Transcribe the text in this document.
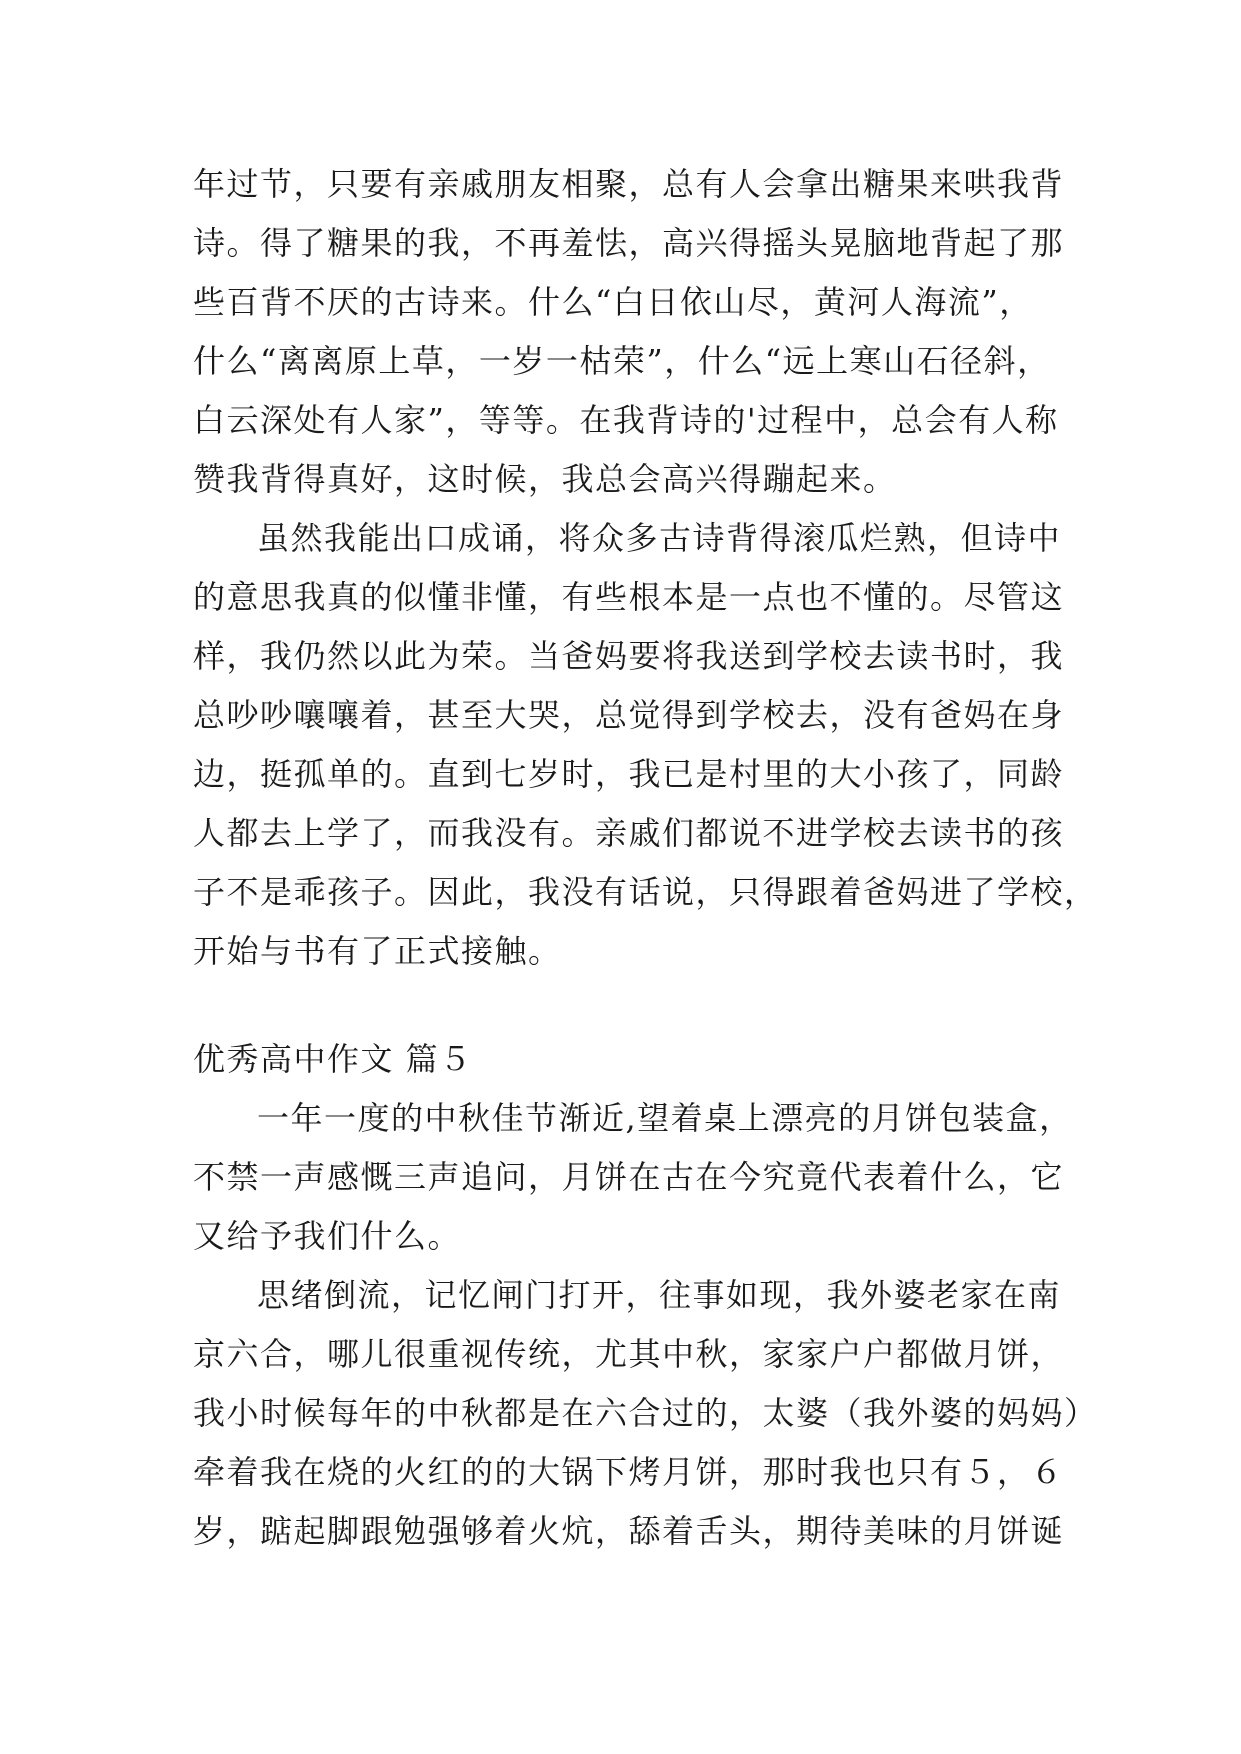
年过节，只要有亲戚朋友相聚，总有人会拿出糖果来哄我背
诗。得了糖果的我，不再羞怯，高兴得摇头晃脑地背起了那
些百背不厌的古诗来。什么“白日依山尽，黄河人海流”，
什么“离离原上草，一岁一枯荣”，什么“远上寒山石径斜，
白云深处有人家”，等等。在我背诗的'过程中，总会有人称
赞我背得真好，这时候，我总会高兴得蹦起来。
虽然我能出口成诵，将众多古诗背得滚瓜烂熟，但诗中
的意思我真的似懂非懂，有些根本是一点也不懂的。尽管这
样，我仍然以此为荣。当爸妈要将我送到学校去读书时，我
总吵吵嚷嚷着，甚至大哭，总觉得到学校去，没有爸妈在身
边，挺孤单的。直到七岁时，我已是村里的大小孩了，同龄
人都去上学了，而我没有。亲戚们都说不进学校去读书的孩
子不是乖孩子。因此，我没有话说，只得跟着爸妈进了学校，
开始与书有了正式接触。
优秀高中作文 篇５
一年一度的中秋佳节渐近,望着桌上漂亮的月饼包装盒，
不禁一声感慨三声追问，月饼在古在今究竟代表着什么，它
又给予我们什么。
思绪倒流，记忆闸门打开，往事如现，我外婆老家在南
京六合，哪儿很重视传统，尤其中秋，家家户户都做月饼，
我小时候每年的中秋都是在六合过的，太婆（我外婆的妈妈）
牵着我在烧的火红的的大锅下烤月饼，那时我也只有５，６
岁，踮起脚跟勉强够着火炕，舔着舌头，期待美味的月饼诞
